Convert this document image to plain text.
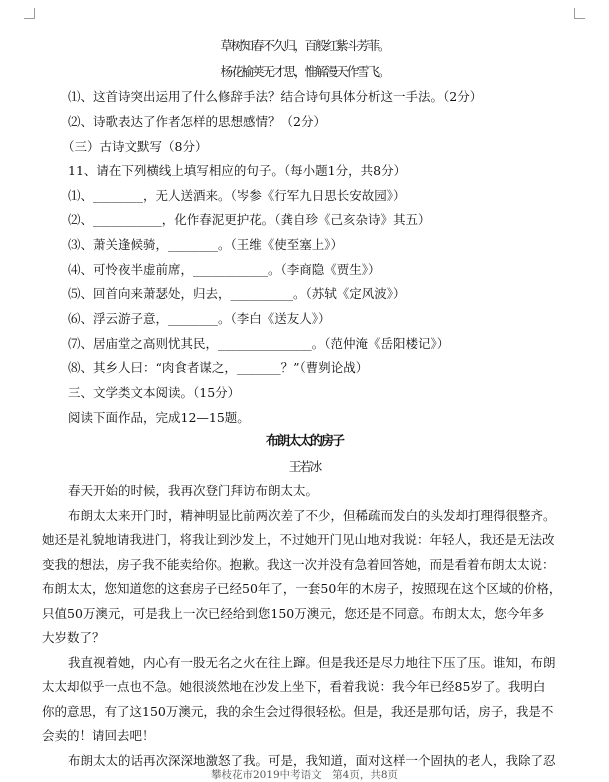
草树知春不久归，百般红紫斗芳菲。
杨花榆荚无才思，惟解漫天作雪飞。
⑴、这首诗突出运用了什么修辞手法？结合诗句具体分析这一手法。（2分）
⑵、诗歌表达了作者怎样的思想感情？（2分）
（三）古诗文默写（8分）
11、请在下列横线上填写相应的句子。（每小题1分，共8分）
⑴、________，无人送酒来。（岑参《行军九日思长安故园》）
⑵、___________，化作春泥更护花。（龚自珍《己亥杂诗》其五）
⑶、萧关逢候骑，________。（王维《使至塞上》）
⑷、可怜夜半虚前席，____________。（李商隐《贾生》）
⑸、回首向来萧瑟处，归去，__________。（苏轼《定风波》）
⑹、浮云游子意，________。（李白《送友人》）
⑺、居庙堂之高则忧其民，_______________。（范仲淹《岳阳楼记》）
⑻、其乡人曰：“肉食者谋之，_______？”（曹刿论战）
三、文学类文本阅读。（15分）
阅读下面作品，完成12—15题。
布朗太太的房子
王若冰
春天开始的时候，我再次登门拜访布朗太太。
布朗太太来开门时，精神明显比前两次差了不少，但稀疏而发白的头发却打理得很整齐。
她还是礼貌地请我进门，将我让到沙发上，不过她开门见山地对我说：年轻人，我还是无法改
变我的想法，房子我不能卖给你。抱歉。我这一次并没有急着回答她，而是看着布朗太太说：
布朗太太，您知道您的这套房子已经50年了，一套50年的木房子，按照现在这个区域的价格，
只值50万澳元，可是我上一次已经给到您150万澳元，您还是不同意。布朗太太，您今年多
大岁数了？
我直视着她，内心有一股无名之火在往上蹿。但是我还是尽力地往下压了压。谁知，布朗
太太却似乎一点也不急。她很淡然地在沙发上坐下，看着我说：我今年已经85岁了。我明白
你的意思，有了这150万澳元，我的余生会过得很轻松。但是，我还是那句话，房子，我是不
会卖的！请回去吧！
布朗太太的话再次深深地激怒了我。可是，我知道，面对这样一个固执的老人，我除了忍
攀枝花市2019中考语文　第4页，共8页
